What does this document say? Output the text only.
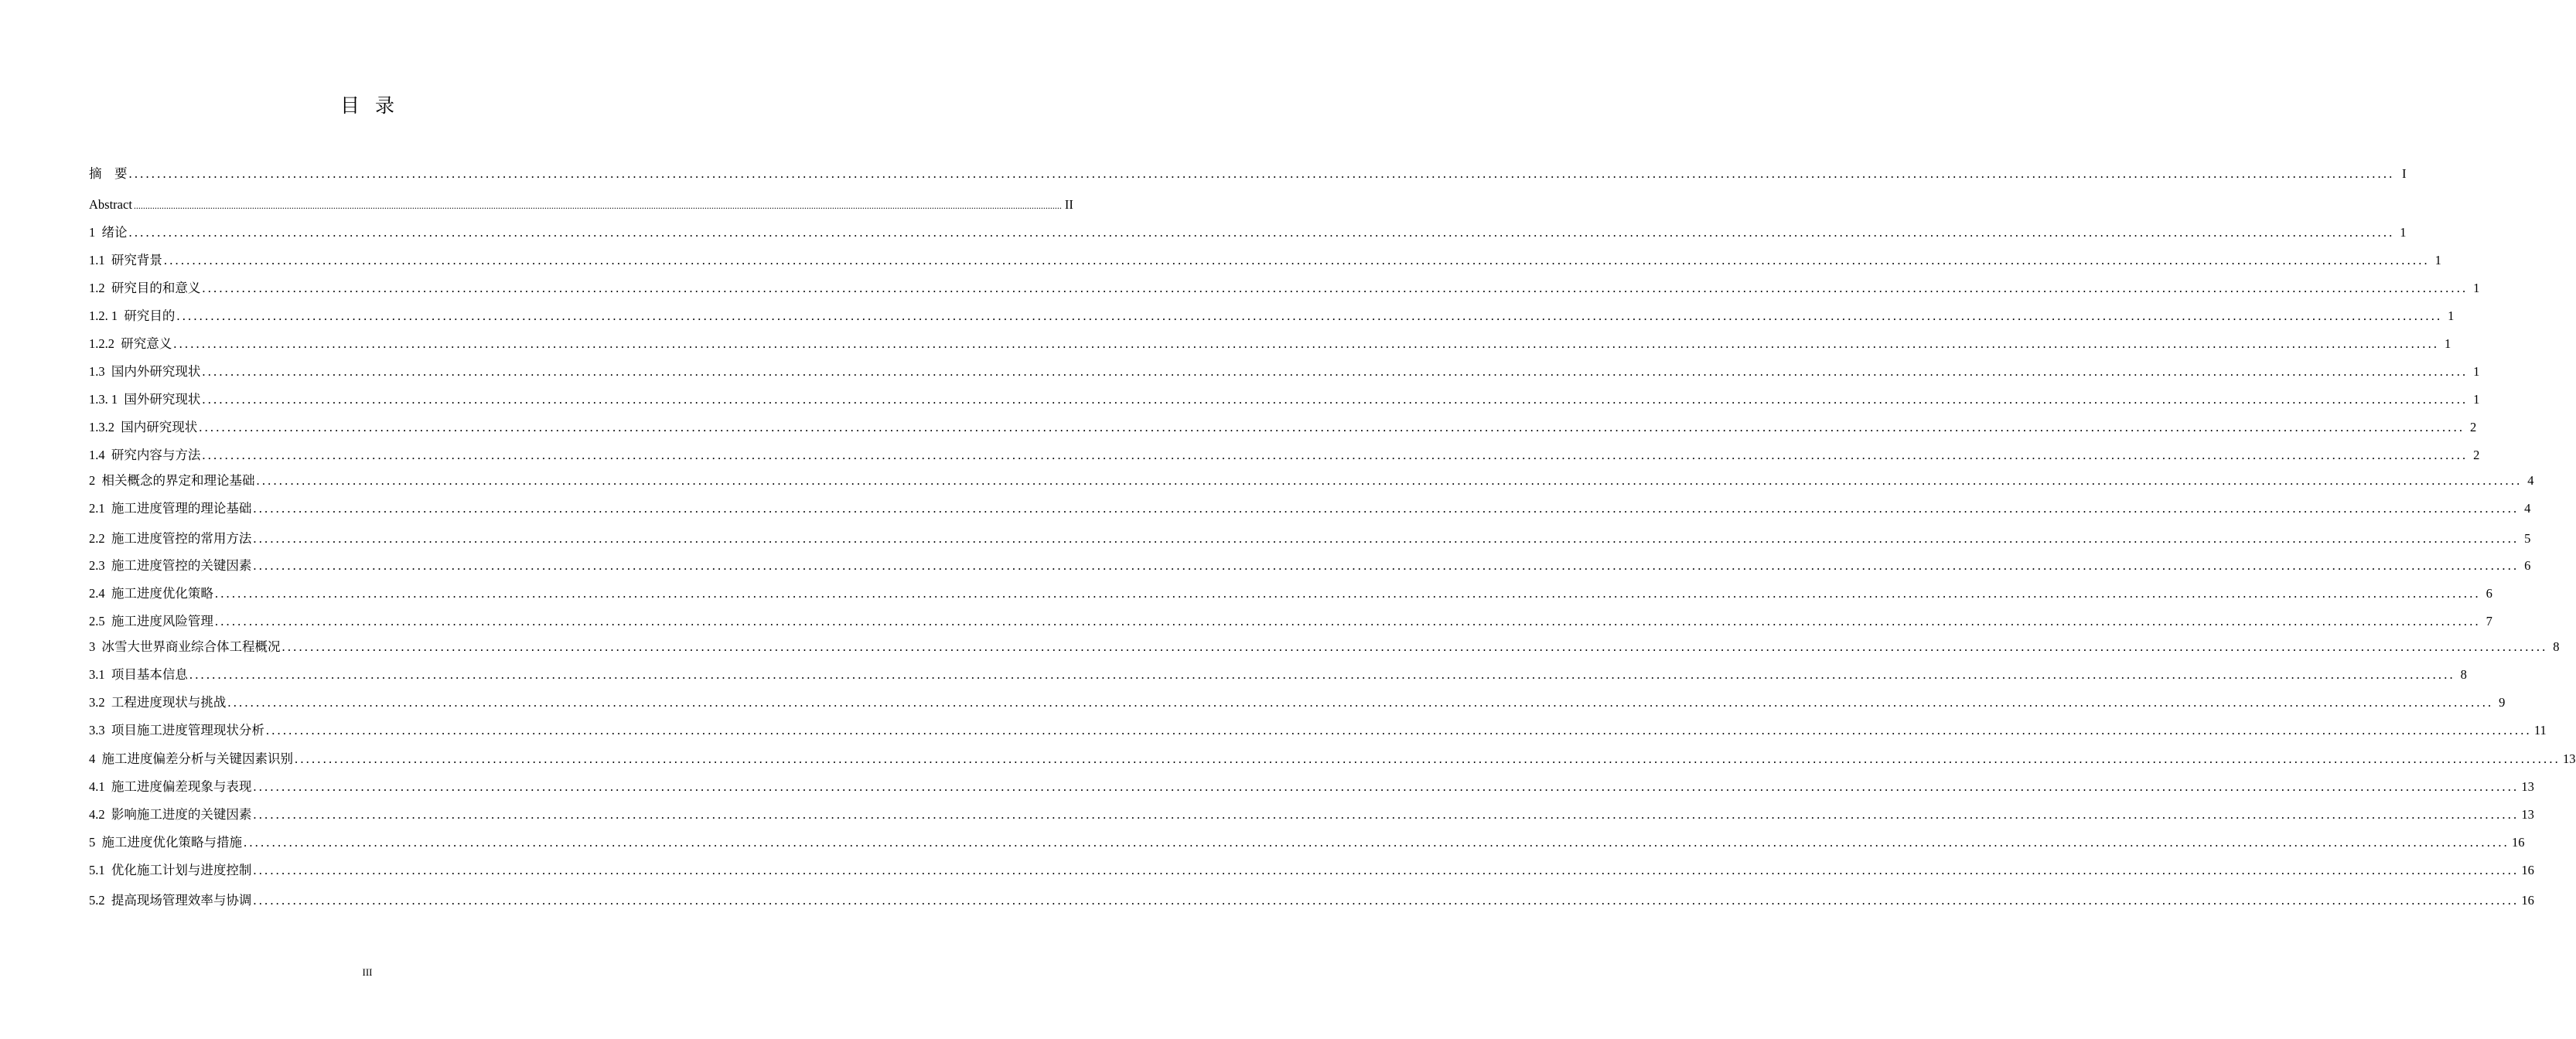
目录
摘　要 ................................................................................................................................................................................................................................................................................................................................................................................................................ I
Abstract ................................................................................................................................................................................................................................................................................................................................................................................................................ II
1  绪论 ................................................................................................................................................................................................................................................................................................................................................................................................................ 1
1.1  研究背景 ................................................................................................................................................................................................................................................................................................................................................................................................................ 1
1.2  研究目的和意义 ................................................................................................................................................................................................................................................................................................................................................................................................................ 1
1.2. 1  研究目的 ................................................................................................................................................................................................................................................................................................................................................................................................................ 1
1.2.2  研究意义 ................................................................................................................................................................................................................................................................................................................................................................................................................ 1
1.3  国内外研究现状 ................................................................................................................................................................................................................................................................................................................................................................................................................ 1
1.3. 1  国外研究现状 ................................................................................................................................................................................................................................................................................................................................................................................................................ 1
1.3.2  国内研究现状 ................................................................................................................................................................................................................................................................................................................................................................................................................ 2
1.4  研究内容与方法 ................................................................................................................................................................................................................................................................................................................................................................................................................ 2
2  相关概念的界定和理论基础 ................................................................................................................................................................................................................................................................................................................................................................................................................ 4
2.1  施工进度管理的理论基础 ................................................................................................................................................................................................................................................................................................................................................................................................................ 4
2.2  施工进度管控的常用方法 ................................................................................................................................................................................................................................................................................................................................................................................................................ 5
2.3  施工进度管控的关键因素 ................................................................................................................................................................................................................................................................................................................................................................................................................ 6
2.4  施工进度优化策略 ................................................................................................................................................................................................................................................................................................................................................................................................................ 6
2.5  施工进度风险管理 ................................................................................................................................................................................................................................................................................................................................................................................................................ 7
3  冰雪大世界商业综合体工程概况 ................................................................................................................................................................................................................................................................................................................................................................................................................ 8
3.1  项目基本信息 ................................................................................................................................................................................................................................................................................................................................................................................................................ 8
3.2  工程进度现状与挑战 ................................................................................................................................................................................................................................................................................................................................................................................................................ 9
3.3  项目施工进度管理现状分析 ................................................................................................................................................................................................................................................................................................................................................................................................................ 11
4  施工进度偏差分析与关键因素识别 ................................................................................................................................................................................................................................................................................................................................................................................................................ 13
4.1  施工进度偏差现象与表现 ................................................................................................................................................................................................................................................................................................................................................................................................................ 13
4.2  影响施工进度的关键因素 ................................................................................................................................................................................................................................................................................................................................................................................................................ 13
5  施工进度优化策略与措施 ................................................................................................................................................................................................................................................................................................................................................................................................................ 16
5.1  优化施工计划与进度控制 ................................................................................................................................................................................................................................................................................................................................................................................................................ 16
5.2  提高现场管理效率与协调 ................................................................................................................................................................................................................................................................................................................................................................................................................ 16
III
